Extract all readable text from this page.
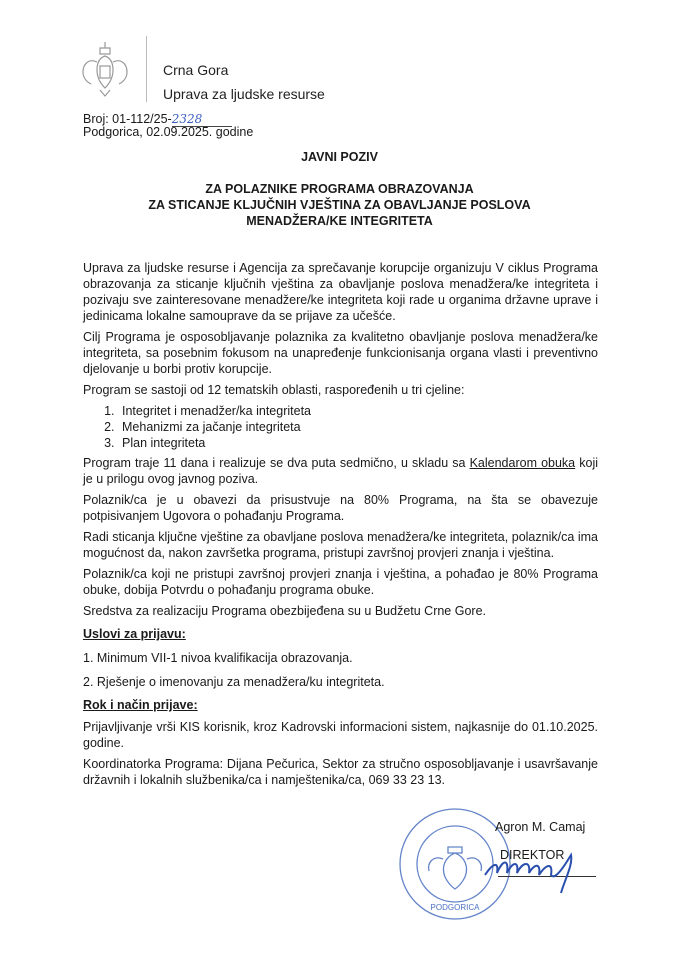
Crna Gora
Uprava za ljudske resurse
Broj: 01-112/25-2328
Podgorica, 02.09.2025. godine
JAVNI POZIV
ZA POLAZNIKE PROGRAMA OBRAZOVANJA
ZA STICANJE KLJUČNIH VJEŠTINA ZA OBAVLJANJE POSLOVA
MENADŽERA/KE INTEGRITETA

Uprava za ljudske resurse i Agencija za sprečavanje korupcije organizuju V ciklus Programa obrazovanja za sticanje ključnih vještina za obavljanje poslova menadžera/ke integriteta i pozivaju sve zainteresovane menadžere/ke integriteta koji rade u organima državne uprave i jedinicama lokalne samouprave da se prijave za učešće.

Cilj Programa je osposobljavanje polaznika za kvalitetno obavljanje poslova menadžera/ke integriteta, sa posebnim fokusom na unapređenje funkcionisanja organa vlasti i preventivno djelovanje u borbi protiv korupcije.

Program se sastoji od 12 tematskih oblasti, raspoređenih u tri cjeline:

1. Integritet i menadžer/ka integriteta
2. Mehanizmi za jačanje integriteta
3. Plan integriteta

Program traje 11 dana i realizuje se dva puta sedmično, u skladu sa Kalendarom obuka koji je u prilogu ovog javnog poziva.

Polaznik/ca je u obavezi da prisustvuje na 80% Programa, na šta se obavezuje potpisivanjem Ugovora o pohađanju Programa.

Radi sticanja ključne vještine za obavljane poslova menadžera/ke integriteta, polaznik/ca ima mogućnost da, nakon završetka programa, pristupi završnoj provjeri znanja i vještina.

Polaznik/ca koji ne pristupi završnoj provjeri znanja i vještina, a pohađao je 80% Programa obuke, dobija Potvrdu o pohađanju programa obuke.

Sredstva za realizaciju Programa obezbijeđena su u Budžetu Crne Gore.

Uslovi za prijavu:

1. Minimum VII-1 nivoa kvalifikacija obrazovanja.

2. Rješenje o imenovanju za menadžera/ku integriteta.

Rok i način prijave:

Prijavljivanje vrši KIS korisnik, kroz Kadrovski informacioni sistem, najkasnije do 01.10.2025. godine.

Koordinatorka Programa: Dijana Pečurica, Sektor za stručno osposobljavanje i usavršavanje državnih i lokalnih službenika/ca i namještenika/ca, 069 33 23 13.

PODGORICA
Agron M. Camaj
DIREKTOR
